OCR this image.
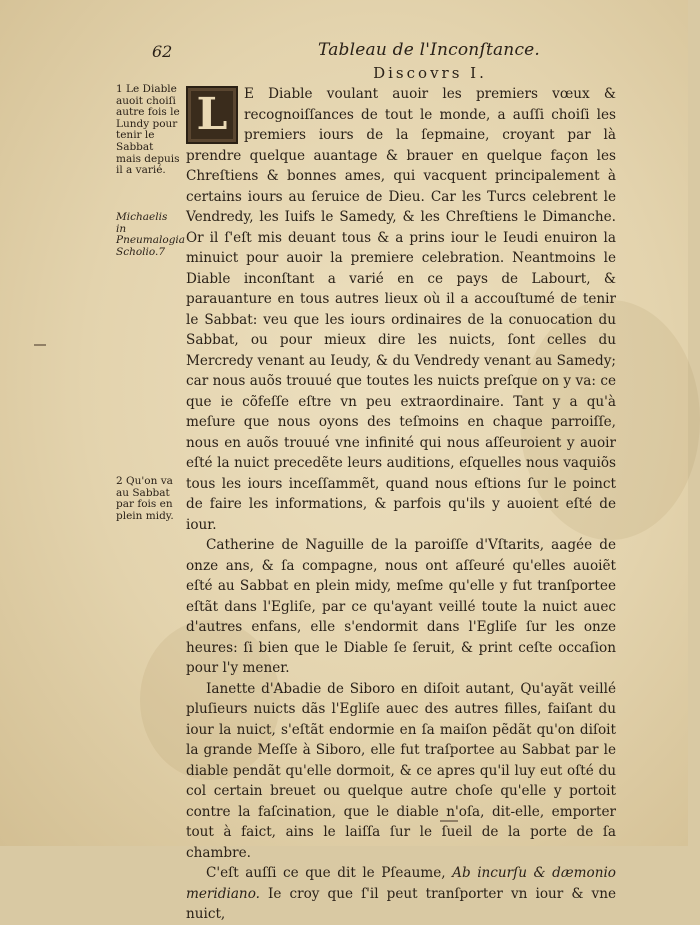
62	Tableau de l'Inconſtance.
Discovrs I.
1 Le Diable auoit choiſi autre fois le Lundy pour tenir le Sabbat mais depuis il a varié.
Michaelis in Pneumalogia Scholio.7
2 Qu'on va au Sabbat par fois en plein midy.

L	E Diable voulant auoir les premiers vœux & recognoiſſances de tout le monde, a auſſi choiſi les premiers iours de la ſepmaine, croyant par là prendre quelque auantage & brauer en quelque façon les Chreſtiens & bonnes ames, qui vacquent principalement à certains iours au ſeruice de Dieu. Car les Turcs celebrent le Vendredy, les Iuifs le Samedy, & les Chreſtiens le Dimanche. Or il ſ'eſt mis deuant tous & a prins iour le Ieudi enuiron la minuict pour auoir la premiere celebration. Neantmoins le Diable inconſtant a varié en ce pays de Labourt, & parauanture en tous autres lieux où il a accouſtumé de tenir le Sabbat: veu que les iours ordinaires de la conuocation du Sabbat, ou pour mieux dire les nuicts, ſont celles du Mercredy venant au Ieudy, & du Vendredy venant au Samedy; car nous auõs trouué que toutes les nuicts preſque on y va: ce que ie cõfeſſe eſtre vn peu extraordinaire. Tant y a qu'à meſure que nous oyons des teſmoins en chaque parroiſſe, nous en auõs trouué vne infinité qui nous aſſeuroient y auoir eſté la nuict precedẽte leurs auditions, eſquelles nous vaquiõs tous les iours inceſſammẽt, quand nous eſtions ſur le poinct de faire les informations, & parfois qu'ils y auoient eſté de iour.

Catherine de Naguille de la paroiſſe d'Vſtarits, aagée de onze ans, & ſa compagne, nous ont aſſeuré qu'elles auoiẽt eſté au Sabbat en plein midy, meſme qu'elle y fut tranſportee eſtãt dans l'Egliſe, par ce qu'ayant veillé toute la nuict auec d'autres enfans, elle s'endormit dans l'Egliſe ſur les onze heures: ſi bien que le Diable ſe ſeruit, & print ceſte occaſion pour l'y mener.

Ianette d'Abadie de Siboro en diſoit autant, Qu'ayãt veillé pluſieurs nuicts dãs l'Egliſe auec des autres filles, faiſant du iour la nuict, s'eſtãt endormie en ſa maiſon pẽdãt qu'on diſoit la grande Meſſe à Siboro, elle fut traſportee au Sabbat par le diable pendãt qu'elle dormoit, & ce apres qu'il luy eut oſté du col certain breuet ou quelque autre choſe qu'elle y portoit contre la faſcination, que le diable n'oſa, dit-elle, emporter tout à faict, ains le laiſſa ſur le ſueil de la porte de ſa chambre.

C'eſt auſſi ce que dit le Pſeaume, Ab incurſu & dæmonio meridiano. Ie croy que ſ'il peut tranſporter vn iour & vne nuict,
